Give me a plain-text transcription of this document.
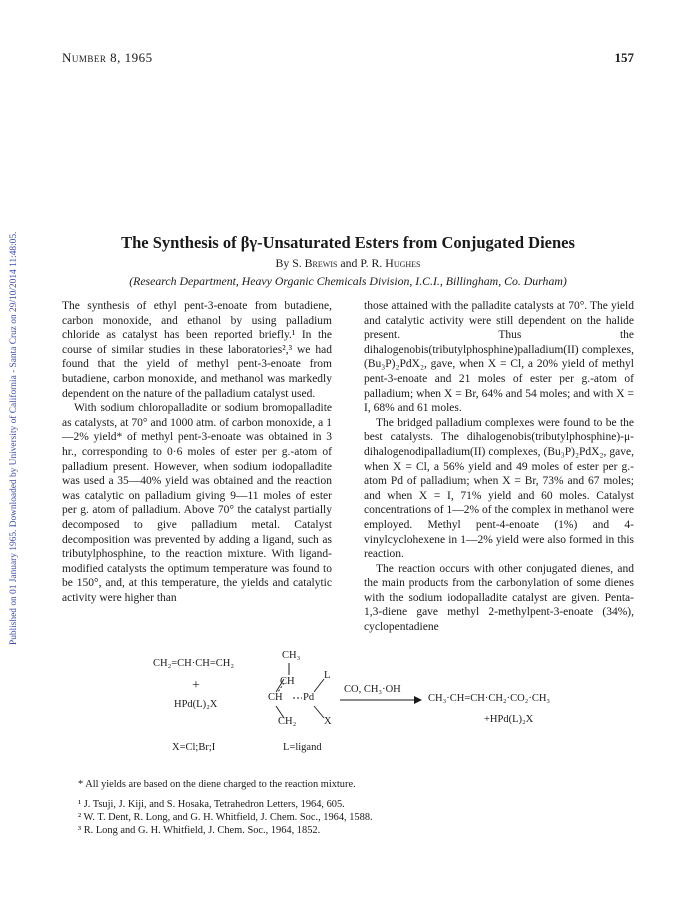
Published on 01 January 1965. Downloaded by University of California - Santa Cruz on 29/10/2014 11:48:05.
Number 8, 1965	157
The Synthesis of βγ-Unsaturated Esters from Conjugated Dienes
By S. Brewis and P. R. Hughes
(Research Department, Heavy Organic Chemicals Division, I.C.I., Billingham, Co. Durham)

The synthesis of ethyl pent-3-enoate from butadiene, carbon monoxide, and ethanol by using palladium chloride as catalyst has been reported briefly.¹ In the course of similar studies in these laboratories²,³ we had found that the yield of methyl pent-3-enoate from butadiene, carbon monoxide, and methanol was markedly dependent on the nature of the palladium catalyst used.

With sodium chloropalladite or sodium bromopalladite as catalysts, at 70° and 1000 atm. of carbon monoxide, a 1—2% yield* of methyl pent-3-enoate was obtained in 3 hr., corresponding to 0·6 moles of ester per g.-atom of palladium present. However, when sodium iodopalladite was used a 35—40% yield was obtained and the reaction was catalytic on palladium giving 9—11 moles of ester per g. atom of palladium. Above 70° the catalyst partially decomposed to give palladium metal. Catalyst decomposition was prevented by adding a ligand, such as tributylphosphine, to the reaction mixture. With ligand-modified catalysts the optimum temperature was found to be 150°, and, at this temperature, the yields and catalytic activity were higher than

those attained with the palladite catalysts at 70°. The yield and catalytic activity were still dependent on the halide present. Thus the dihalogenobis(tributylphosphine)palladium(II) complexes, (Bu₃P)₂PdX₂, gave, when X = Cl, a 20% yield of methyl pent-3-enoate and 21 moles of ester per g.-atom of palladium; when X = Br, 64% and 54 moles; and with X = I, 68% and 61 moles.

The bridged palladium complexes were found to be the best catalysts. The dihalogenobis(tributylphosphine)-μ-dihalogenodipalladium(II) complexes, (Bu₃P)₂PdX₂, gave, when X = Cl, a 56% yield and 49 moles of ester per g.-atom Pd of palladium; when X = Br, 73% and 67 moles; and when X = I, 71% yield and 60 moles. Catalyst concentrations of 1—2% of the complex in methanol were employed. Methyl pent-4-enoate (1%) and 4-vinylcyclohexene in 1—2% yield were also formed in this reaction.

The reaction occurs with other conjugated dienes, and the main products from the carbonylation of some dienes with the sodium iodopalladite catalyst are given. Penta-1,3-diene gave methyl 2-methylpent-3-enoate (34%), cyclopentadiene

CH₂=CH·CH=CH₂
+
HPd(L)₂X
CH₃
CH
CH Pd
CH₂
L
X
CO, CH₃·OH
CH₃·CH=CH·CH₂·CO₂·CH₃
+HPd(L)₂X
X=Cl;Br;I	L=ligand
* All yields are based on the diene charged to the reaction mixture.
¹ J. Tsuji, J. Kiji, and S. Hosaka, Tetrahedron Letters, 1964, 605.
² W. T. Dent, R. Long, and G. H. Whitfield, J. Chem. Soc., 1964, 1588.
³ R. Long and G. H. Whitfield, J. Chem. Soc., 1964, 1852.
